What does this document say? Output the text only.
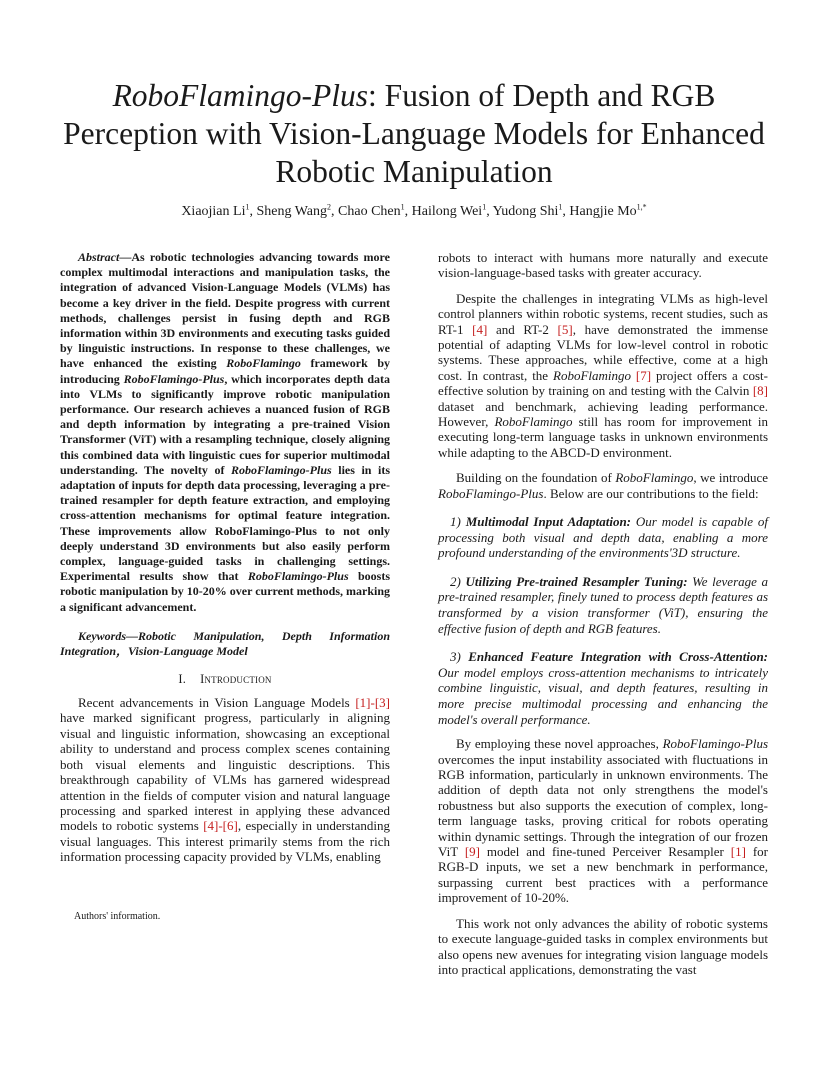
RoboFlamingo-Plus: Fusion of Depth and RGB Perception with Vision-Language Models for Enhanced Robotic Manipulation
Xiaojian Li$^1$, Sheng Wang$^2$, Chao Chen$^1$, Hailong Wei$^1$, Yudong Shi$^1$, Hangjie $Mo^{1,*}$

Abstract—As robotic technologies advancing towards more complex multimodal interactions and manipulation tasks, the integration of advanced Vision-Language Models (VLMs) has become a key driver in the field. Despite progress with current methods, challenges persist in fusing depth and RGB information within 3D environments and executing tasks guided by linguistic instructions. In response to these challenges, we have enhanced the existing RoboFlamingo framework by introducing RoboFlamingo-Plus, which incorporates depth data into VLMs to significantly improve robotic manipulation performance. Our research achieves a nuanced fusion of RGB and depth information by integrating a pre-trained Vision Transformer (ViT) with a resampling technique, closely aligning this combined data with linguistic cues for superior multimodal understanding. The novelty of RoboFlamingo-Plus lies in its adaptation of inputs for depth data processing, leveraging a pre-trained resampler for depth feature extraction, and employing cross-attention mechanisms for optimal feature integration. These improvements allow RoboFlamingo-Plus to not only deeply understand 3D environments but also easily perform complex, language-guided tasks in challenging settings. Experimental results show that RoboFlamingo-Plus boosts robotic manipulation by 10-20% over current methods, marking a significant advancement.

Keywords—Robotic Manipulation, Depth Information Integration，Vision-Language Model

I. Introduction

Recent advancements in Vision Language Models [1]-[3] have marked significant progress, particularly in aligning visual and linguistic information, showcasing an exceptional ability to understand and process complex scenes containing both visual elements and linguistic descriptions. This breakthrough capability of VLMs has garnered widespread attention in the fields of computer vision and natural language processing and sparked interest in applying these advanced models to robotic systems [4]-[6], especially in understanding visual languages. This interest primarily stems from the rich information processing capacity provided by VLMs, enabling

Authors' information.

robots to interact with humans more naturally and execute vision-language-based tasks with greater accuracy.

Despite the challenges in integrating VLMs as high-level control planners within robotic systems, recent studies, such as RT-1 [4] and RT-2 [5], have demonstrated the immense potential of adapting VLMs for low-level control in robotic systems. These approaches, while effective, come at a high cost. In contrast, the RoboFlamingo [7] project offers a cost-effective solution by training on and testing with the Calvin [8] dataset and benchmark, achieving leading performance. However, RoboFlamingo still has room for improvement in executing long-term language tasks in unknown environments while adapting to the ABCD-D environment.

Building on the foundation of RoboFlamingo, we introduce RoboFlamingo-Plus. Below are our contributions to the field:

1) Multimodal Input Adaptation: Our model is capable of processing both visual and depth data, enabling a more profound understanding of the environments'3D structure.

2) Utilizing Pre-trained Resampler Tuning: We leverage a pre-trained resampler, finely tuned to process depth features as transformed by a vision transformer (ViT), ensuring the effective fusion of depth and RGB features.

3) Enhanced Feature Integration with Cross-Attention: Our model employs cross-attention mechanisms to intricately combine linguistic, visual, and depth features, resulting in more precise multimodal processing and enhancing the model's overall performance.

By employing these novel approaches, RoboFlamingo-Plus overcomes the input instability associated with fluctuations in RGB information, particularly in unknown environments. The addition of depth data not only strengthens the model's robustness but also supports the execution of complex, long-term language tasks, proving critical for robots operating within dynamic settings. Through the integration of our frozen ViT [9] model and fine-tuned Perceiver Resampler [1] for RGB-D inputs, we set a new benchmark in performance, surpassing current best practices with a performance improvement of 10-20%.

This work not only advances the ability of robotic systems to execute language-guided tasks in complex environments but also opens new avenues for integrating vision language models into practical applications, demonstrating the vast
